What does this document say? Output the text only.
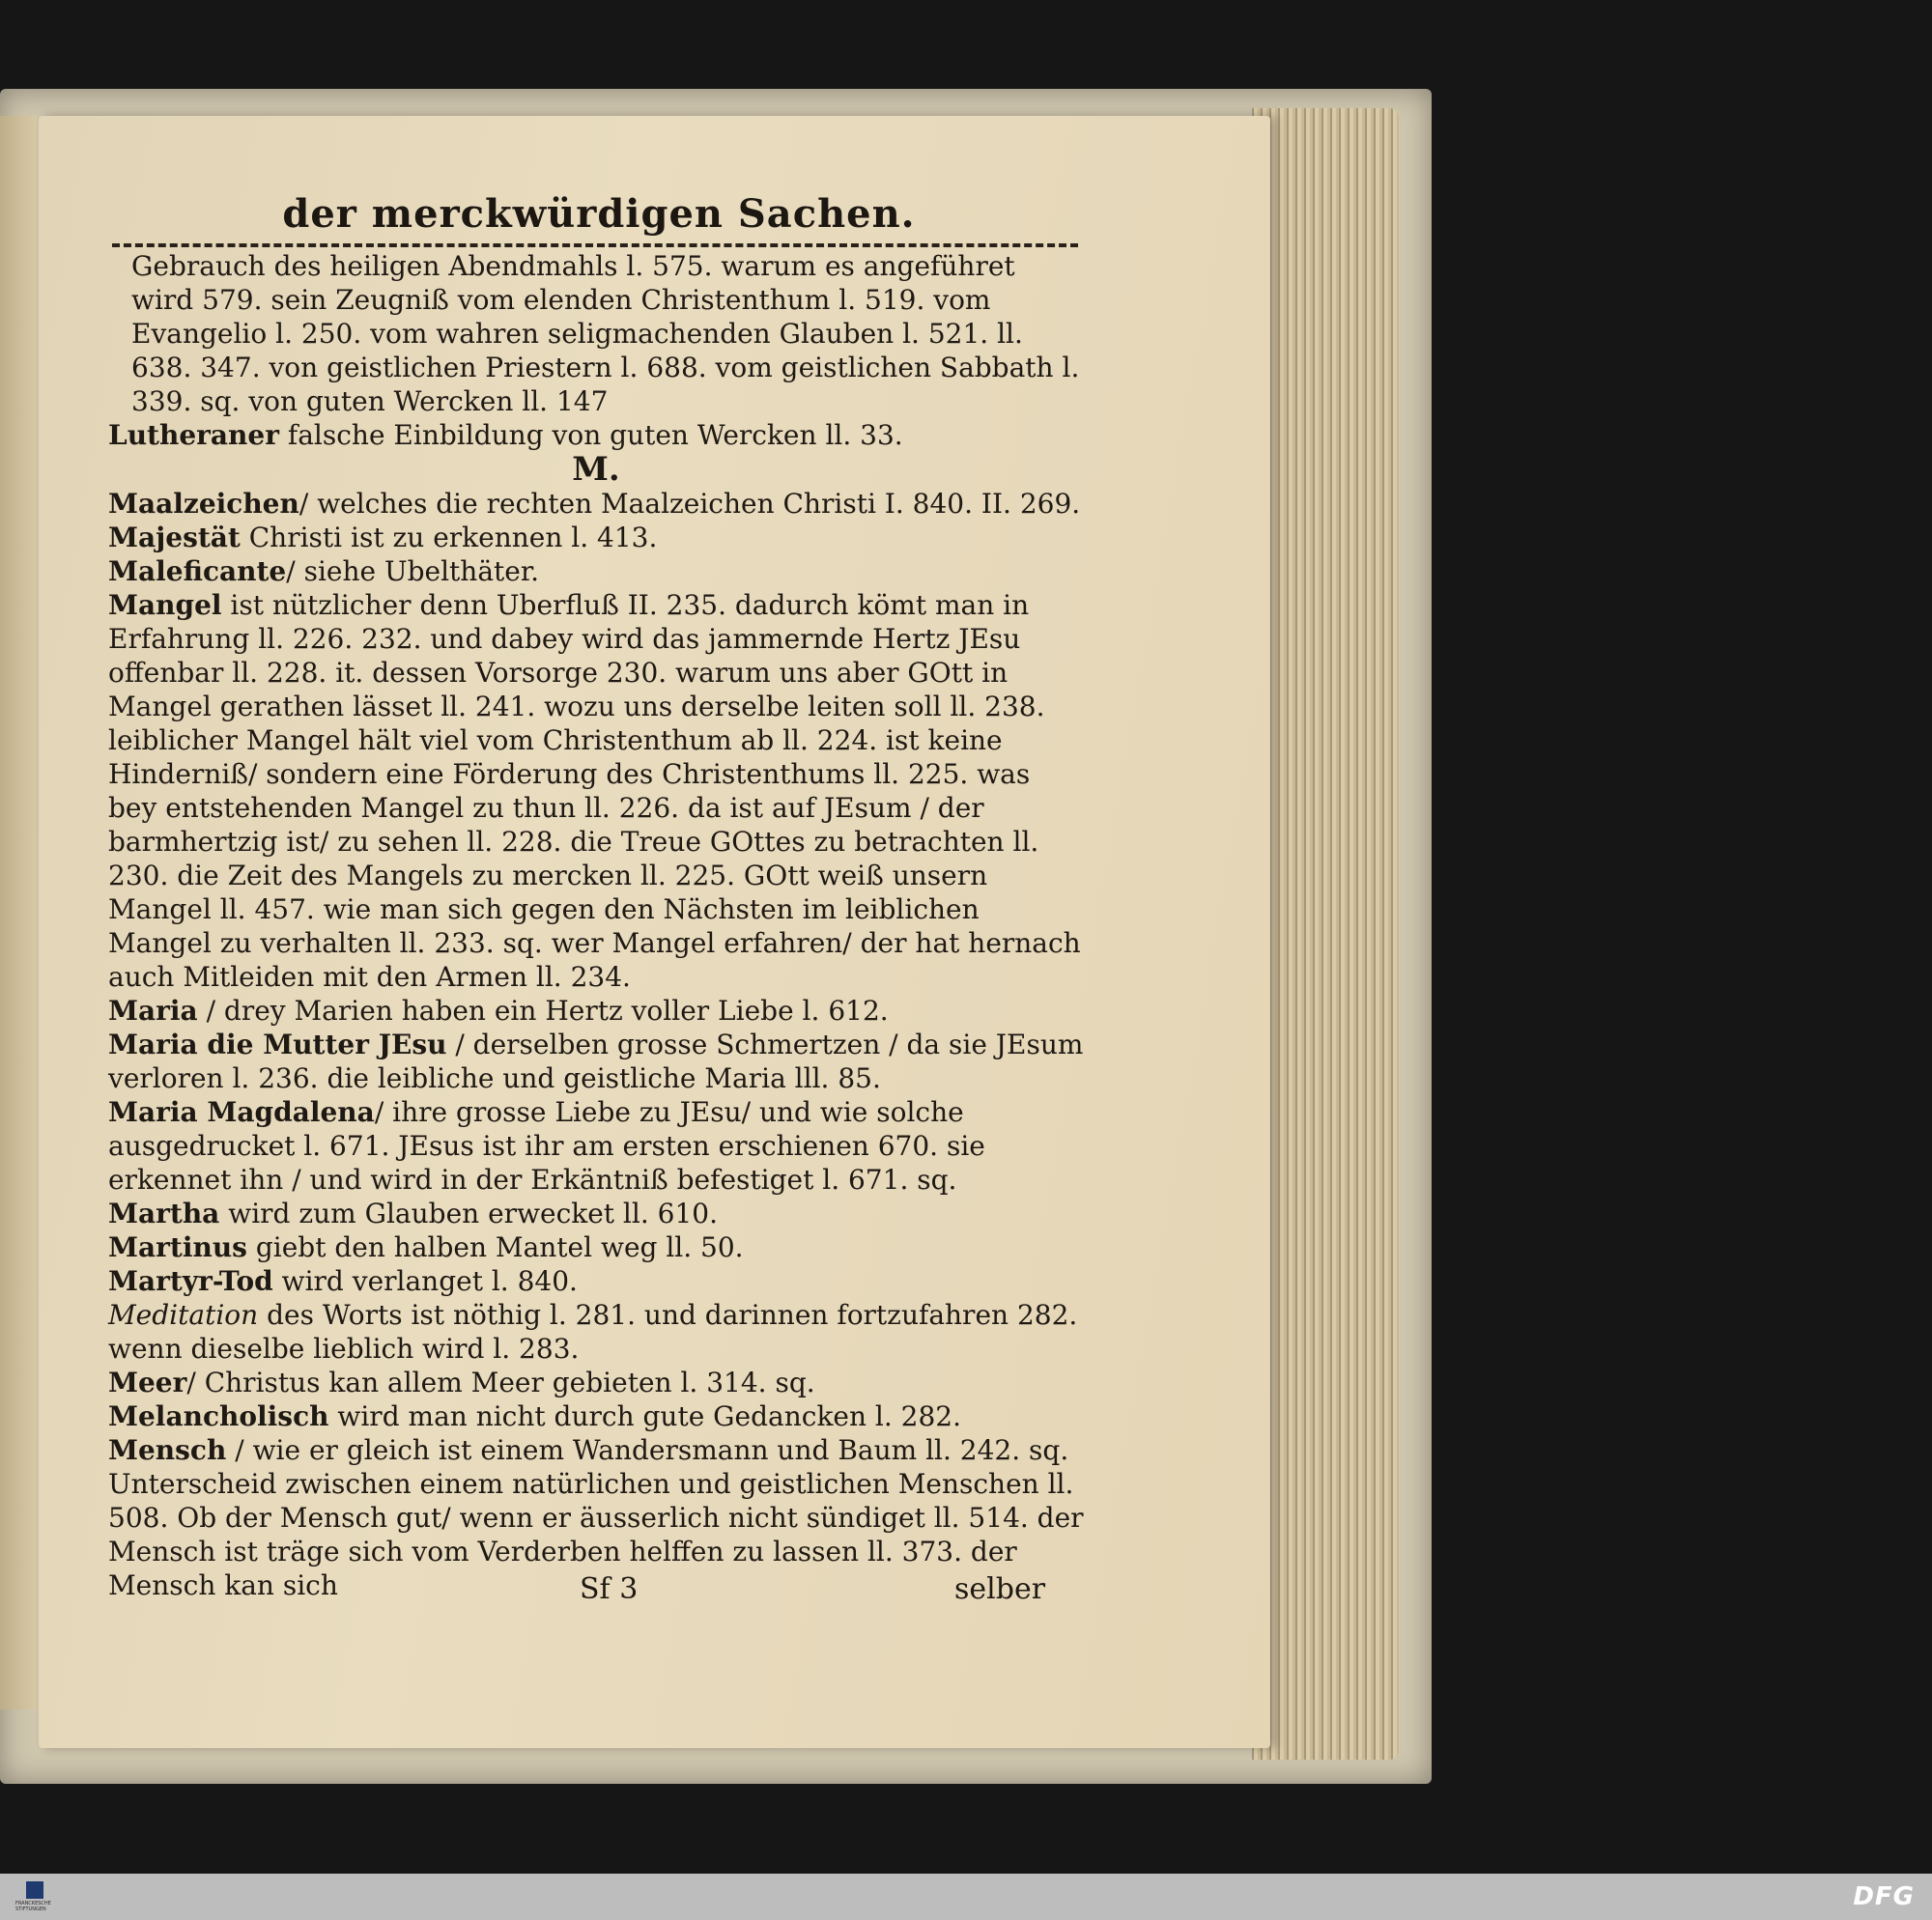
der merckwürdigen Sachen.

Gebrauch des heiligen Abendmahls l. 575. warum es angeführet wird 579. sein Zeugniß vom elenden Christenthum l. 519. vom Evangelio l. 250. vom wahren seligmachenden Glauben l. 521. ll. 638. 347. von geistlichen Priestern l. 688. vom geistlichen Sabbath l. 339. sq. von guten Wercken ll. 147

Lutheraner falsche Einbildung von guten Wercken ll. 33.

M.

Maalzeichen/ welches die rechten Maalzeichen Christi I. 840. II. 269.

Majestät Christi ist zu erkennen l. 413.

Maleficante/ siehe Ubelthäter.

Mangel ist nützlicher denn Uberfluß II. 235. dadurch kömt man in Erfahrung ll. 226. 232. und dabey wird das jammernde Hertz JEsu offenbar ll. 228. it. dessen Vorsorge 230. warum uns aber GOtt in Mangel gerathen lässet ll. 241. wozu uns derselbe leiten soll ll. 238. leiblicher Mangel hält viel vom Christenthum ab ll. 224. ist keine Hinderniß/ sondern eine Förderung des Christenthums ll. 225. was bey entstehenden Mangel zu thun ll. 226. da ist auf JEsum / der barmhertzig ist/ zu sehen ll. 228. die Treue GOttes zu betrachten ll. 230. die Zeit des Mangels zu mercken ll. 225. GOtt weiß unsern Mangel ll. 457. wie man sich gegen den Nächsten im leiblichen Mangel zu verhalten ll. 233. sq. wer Mangel erfahren/ der hat hernach auch Mitleiden mit den Armen ll. 234.

Maria / drey Marien haben ein Hertz voller Liebe l. 612.

Maria die Mutter JEsu / derselben grosse Schmertzen / da sie JEsum verloren l. 236. die leibliche und geistliche Maria lll. 85.

Maria Magdalena/ ihre grosse Liebe zu JEsu/ und wie solche ausgedrucket l. 671. JEsus ist ihr am ersten erschienen 670. sie erkennet ihn / und wird in der Erkäntniß befestiget l. 671. sq.

Martha wird zum Glauben erwecket ll. 610.

Martinus giebt den halben Mantel weg ll. 50.

Martyr-Tod wird verlanget l. 840.

Meditation des Worts ist nöthig l. 281. und darinnen fortzufahren 282. wenn dieselbe lieblich wird l. 283.

Meer/ Christus kan allem Meer gebieten l. 314. sq.

Melancholisch wird man nicht durch gute Gedancken l. 282.

Mensch / wie er gleich ist einem Wandersmann und Baum ll. 242. sq. Unterscheid zwischen einem natürlichen und geistlichen Menschen ll. 508. Ob der Mensch gut/ wenn er äusserlich nicht sündiget ll. 514. der Mensch ist träge sich vom Verderben helffen zu lassen ll. 373. der Mensch kan sich	Sf 3	selber
FRANCKESCHE STIFTUNGEN	DFG
